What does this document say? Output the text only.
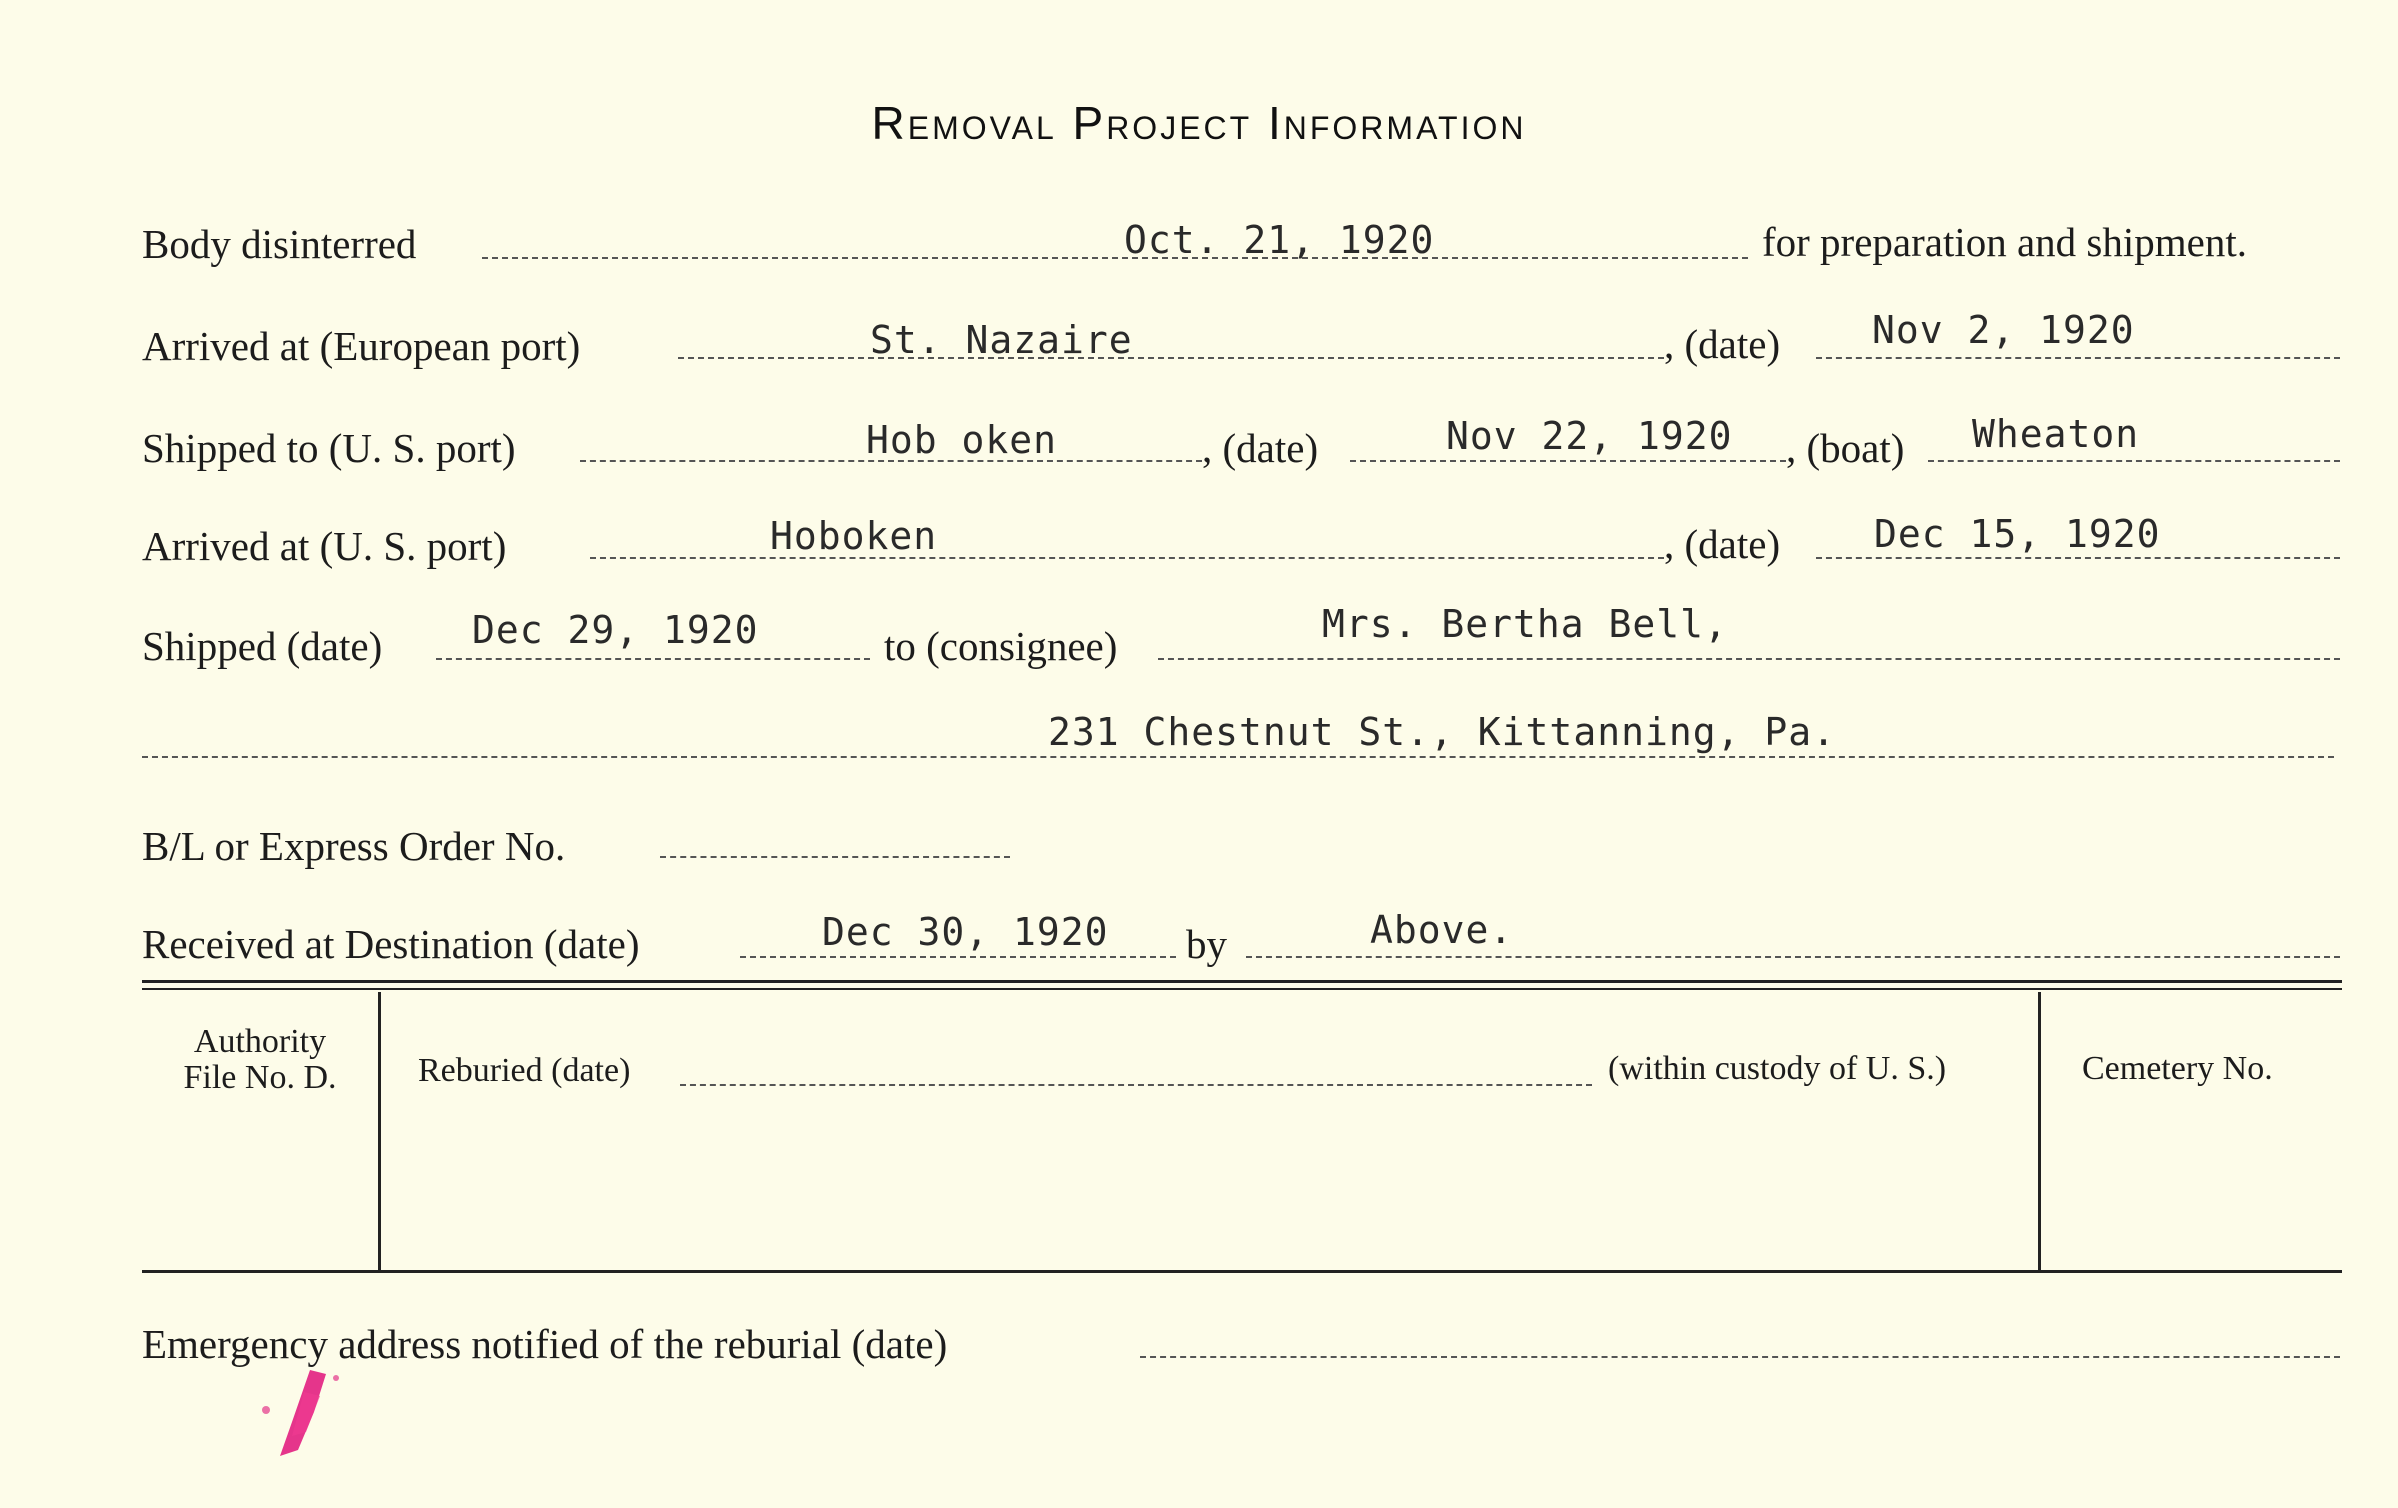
Removal Project Information
Body disinterred	Oct. 21, 1920	for preparation and shipment.
Arrived at (European port)	St. Nazaire	, (date) Nov 2, 1920
Shipped to (U. S. port)	Hob oken	, (date)	Nov 22, 1920 , (boat) Wheaton
Arrived at (U. S. port)	Hoboken	, (date) Dec 15, 1920
Shipped (date) Dec 29, 1920	to (consignee)	Mrs. Bertha Bell,
231 Chestnut St., Kittanning, Pa.
B/L or Express Order No.
Received at Destination (date)	Dec 30, 1920 by	Above.
Authority
File No. D.	Reburied (date)	(within custody of U. S.)	Cemetery No.
Emergency address notified of the reburial (date)
